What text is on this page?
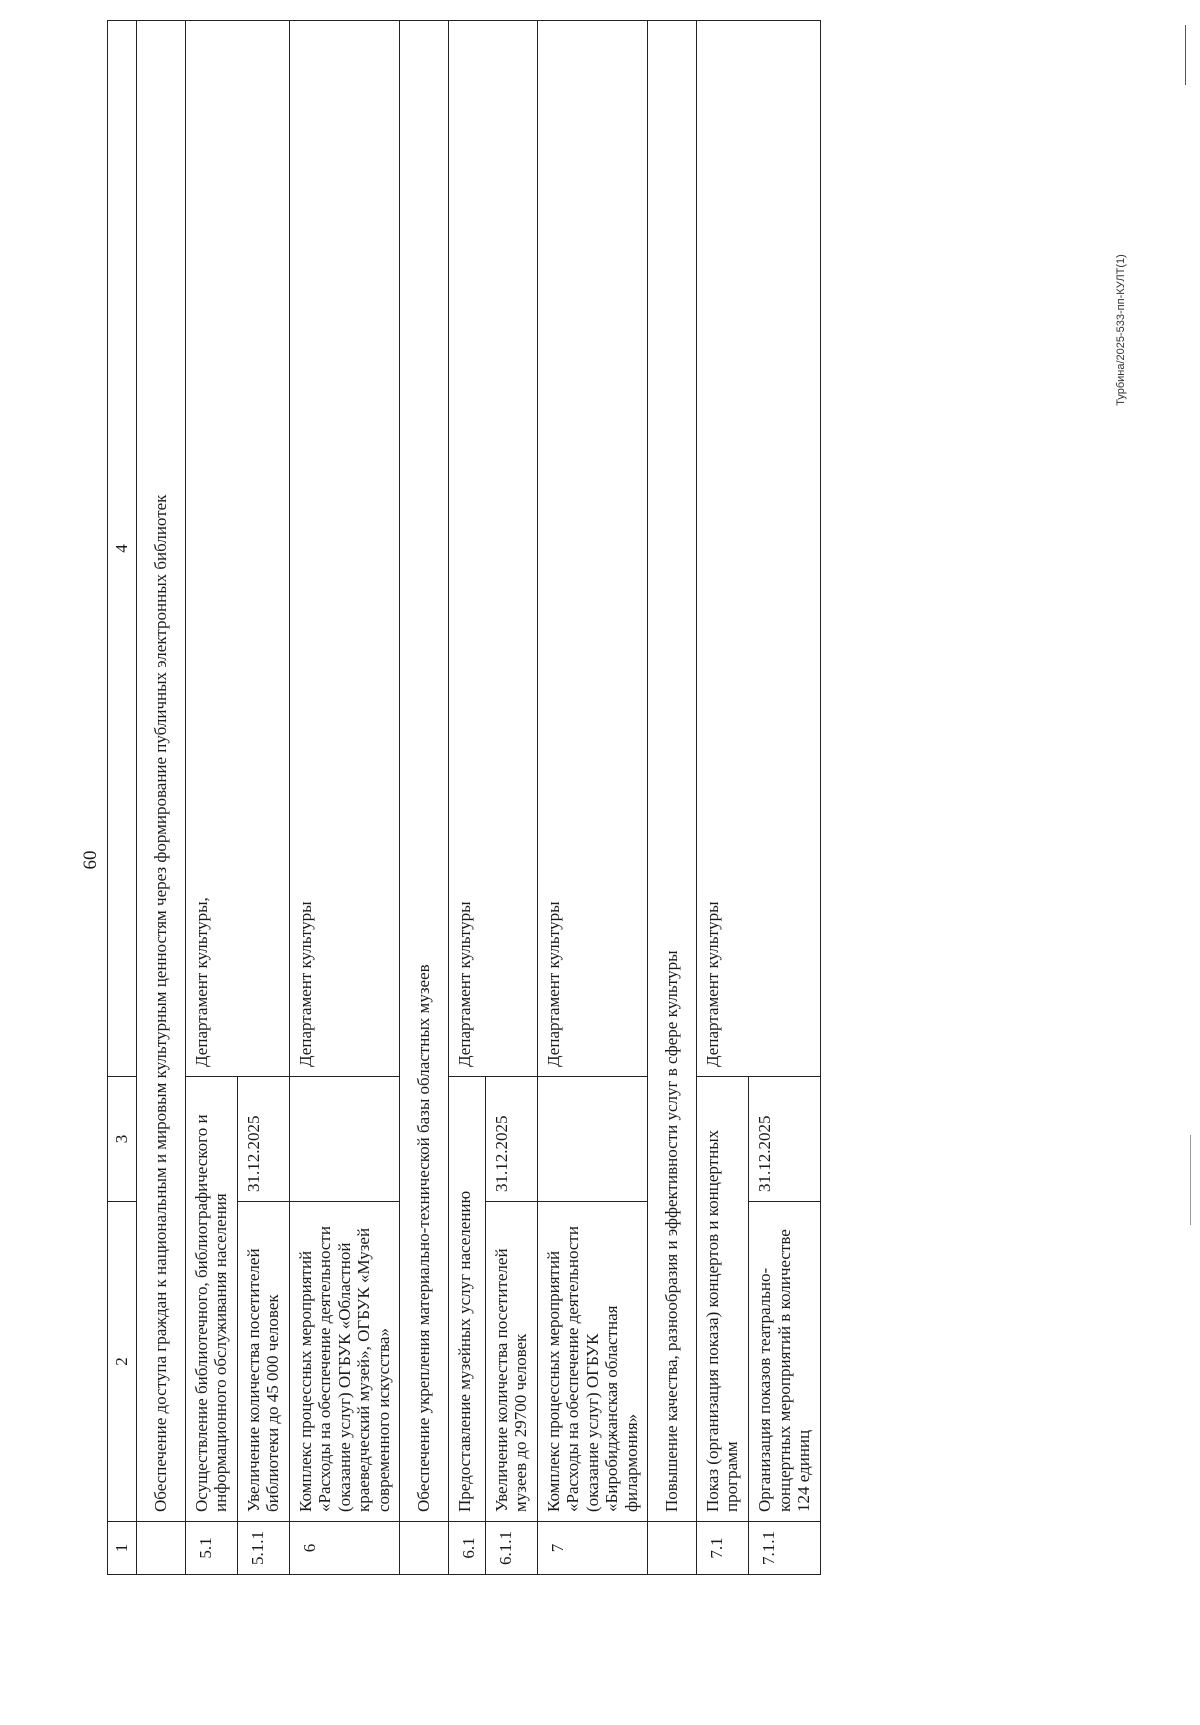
60
1	2	3	4
	Обеспечение доступа граждан к национальным и мировым культурным ценностям через формирование публичных электронных библиотек		
5.1	Осуществление библиотечного, библиографического и информационного обслуживания населения		Департамент культуры,
5.1.1	Увеличение количества посетителей библиотеки до 45 000 человек	31.12.2025	
6	Комплекс процессных мероприятий «Расходы на обеспечение деятельности (оказание услуг) ОГБУК «Областной краеведческий музей», ОГБУК «Музей современного искусства»		Департамент культуры
	Обеспечение укрепления материально-технической базы областных музеев		
6.1	Предоставление музейных услуг населению		Департамент культуры
6.1.1	Увеличение количества посетителей музеев до 29700 человек	31.12.2025	
7	Комплекс процессных мероприятий «Расходы на обеспечение деятельности (оказание услуг) ОГБУК «Биробиджанская областная филармония»		Департамент культуры
	Повышение качества, разнообразия и эффективности услуг в сфере культуры		
7.1	Показ (организация показа) концертов и концертных программ		Департамент культуры
7.1.1	Организация показов театрально-концертных мероприятий в количестве 124 единиц	31.12.2025	
Турбина/2025-533-пп-КУЛТ(1)
